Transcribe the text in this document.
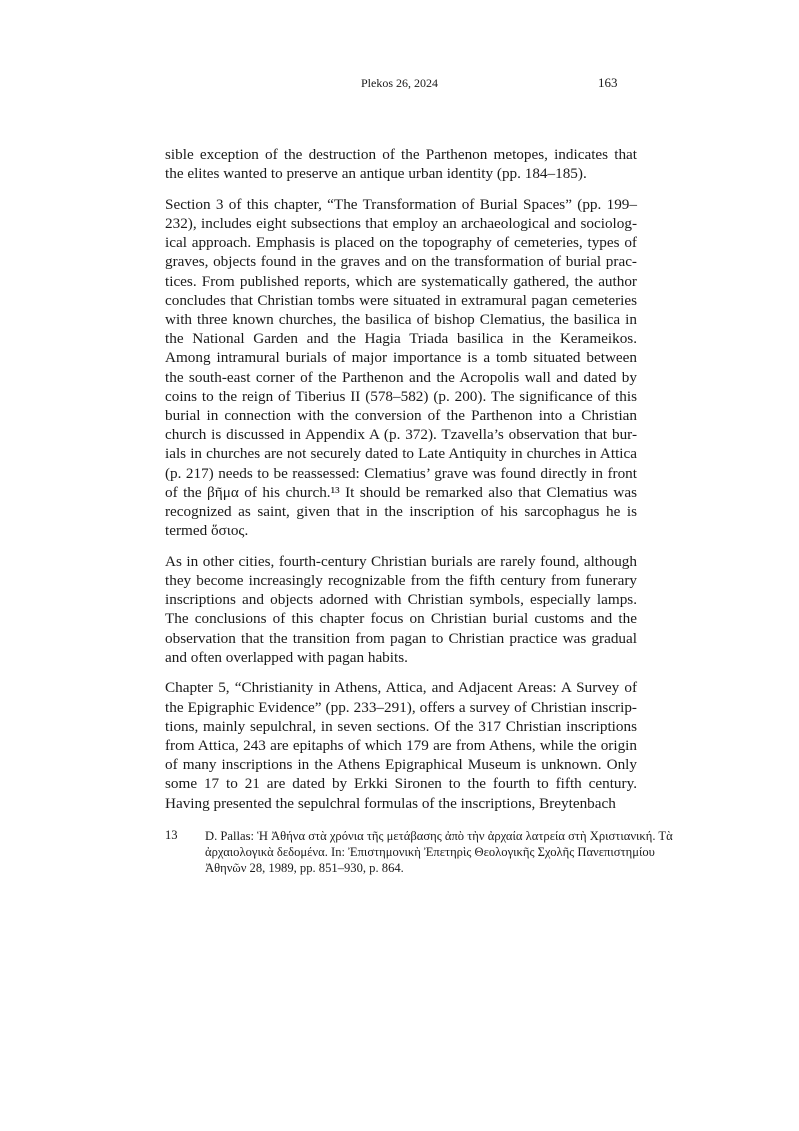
Plekos 26, 2024	163
sible exception of the destruction of the Parthenon metopes, indicates that
the elites wanted to preserve an antique urban identity (pp. 184–185).
Section 3 of this chapter, “The Transformation of Burial Spaces” (pp. 199–
232), includes eight subsections that employ an archaeological and sociolog-
ical approach. Emphasis is placed on the topography of cemeteries, types of
graves, objects found in the graves and on the transformation of burial prac-
tices. From published reports, which are systematically gathered, the author
concludes that Christian tombs were situated in extramural pagan cemeteries
with three known churches, the basilica of bishop Clematius, the basilica in
the National Garden and the Hagia Triada basilica in the Kerameikos.
Among intramural burials of major importance is a tomb situated between
the south-east corner of the Parthenon and the Acropolis wall and dated by
coins to the reign of Tiberius II (578–582) (p. 200). The significance of this
burial in connection with the conversion of the Parthenon into a Christian
church is discussed in Appendix A (p. 372). Tzavella’s observation that bur-
ials in churches are not securely dated to Late Antiquity in churches in Attica
(p. 217) needs to be reassessed: Clematius’ grave was found directly in front
of the βῆμα of his church.¹³ It should be remarked also that Clematius was
recognized as saint, given that in the inscription of his sarcophagus he is
termed ὅσιος.
As in other cities, fourth-century Christian burials are rarely found, although
they become increasingly recognizable from the fifth century from funerary
inscriptions and objects adorned with Christian symbols, especially lamps.
The conclusions of this chapter focus on Christian burial customs and the
observation that the transition from pagan to Christian practice was gradual
and often overlapped with pagan habits.
Chapter 5, “Christianity in Athens, Attica, and Adjacent Areas: A Survey of
the Epigraphic Evidence” (pp. 233–291), offers a survey of Christian inscrip-
tions, mainly sepulchral, in seven sections. Of the 317 Christian inscriptions
from Attica, 243 are epitaphs of which 179 are from Athens, while the origin
of many inscriptions in the Athens Epigraphical Museum is unknown. Only
some 17 to 21 are dated by Erkki Sironen to the fourth to fifth century.
Having presented the sepulchral formulas of the inscriptions, Breytenbach
13 D. Pallas: Ἡ Ἀθήνα στὰ χρόνια τῆς μετάβασης ἀπὸ τὴν ἀρχαία λατρεία στὴ Χριστιανική. Τὰ
ἀρχαιολογικὰ δεδομένα. In: Ἐπιστημονικὴ Ἐπετηρὶς Θεολογικῆς Σχολῆς Πανεπιστημίου
Ἀθηνῶν 28, 1989, pp. 851–930, p. 864.
